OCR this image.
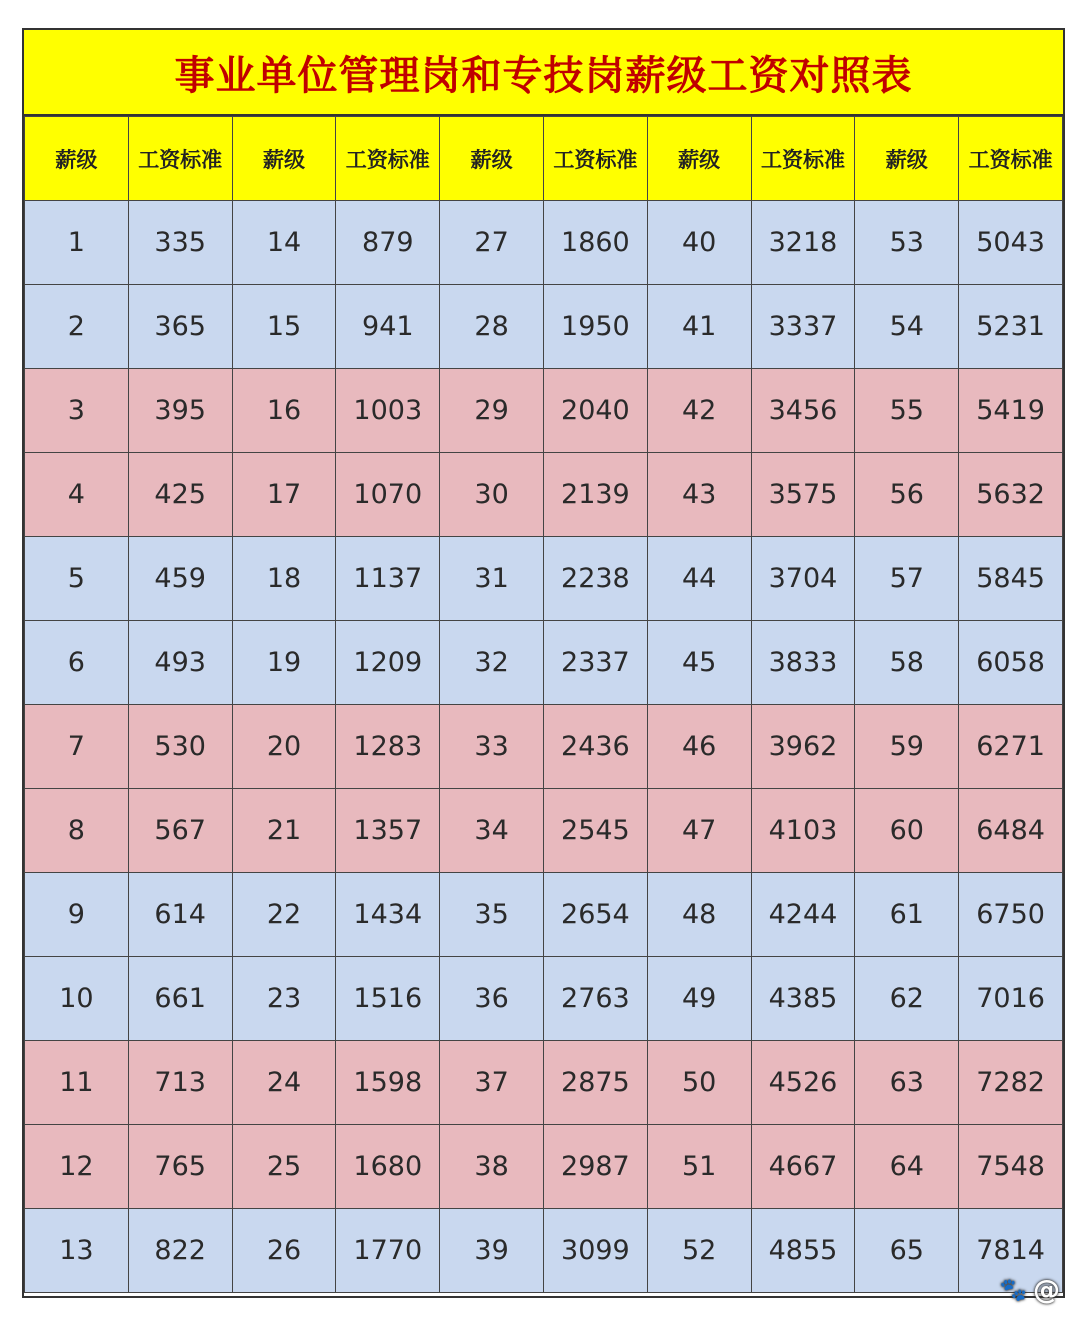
事业单位管理岗和专技岗薪级工资对照表
薪级	工资标准	薪级	工资标准	薪级	工资标准	薪级	工资标准	薪级	工资标准
1	335	14	879	27	1860	40	3218	53	5043
2	365	15	941	28	1950	41	3337	54	5231
3	395	16	1003	29	2040	42	3456	55	5419
4	425	17	1070	30	2139	43	3575	56	5632
5	459	18	1137	31	2238	44	3704	57	5845
6	493	19	1209	32	2337	45	3833	58	6058
7	530	20	1283	33	2436	46	3962	59	6271
8	567	21	1357	34	2545	47	4103	60	6484
9	614	22	1434	35	2654	48	4244	61	6750
10	661	23	1516	36	2763	49	4385	62	7016
11	713	24	1598	37	2875	50	4526	63	7282
12	765	25	1680	38	2987	51	4667	64	7548
13	822	26	1770	39	3099	52	4855	65	7814
🐾 @
